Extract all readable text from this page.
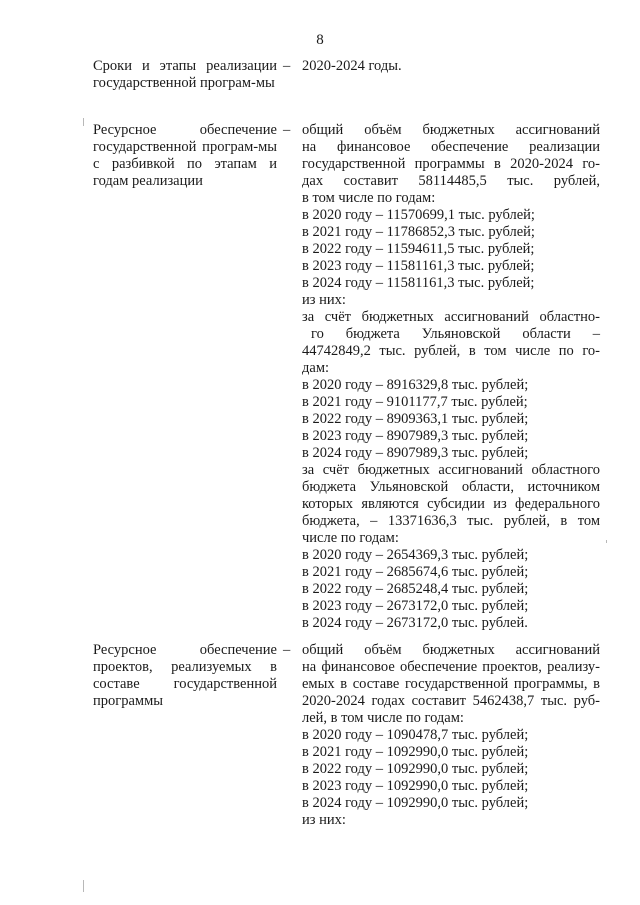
8
Сроки и этапы реализации государственной програм-мы
– 2020-2024 годы.

Ресурсное обеспечение государственной програм-мы с разбивкой по этапам и годам реализации
– общий объём бюджетных ассигнований

на финансовое обеспечение реализации

государственной программы в 2020-2024 го-

дах составит 58114485,5 тыс. рублей,

в том числе по годам:

в 2020 году – 11570699,1 тыс. рублей;

в 2021 году – 11786852,3 тыс. рублей;

в 2022 году – 11594611,5 тыс. рублей;

в 2023 году – 11581161,3 тыс. рублей;

в 2024 году – 11581161,3 тыс. рублей;

из них:

за счёт бюджетных ассигнований областно-

го бюджета Ульяновской области –

44742849,2 тыс. рублей, в том числе по го-

дам:

в 2020 году – 8916329,8 тыс. рублей;

в 2021 году – 9101177,7 тыс. рублей;

в 2022 году – 8909363,1 тыс. рублей;

в 2023 году – 8907989,3 тыс. рублей;

в 2024 году – 8907989,3 тыс. рублей;

за счёт бюджетных ассигнований областного

бюджета Ульяновской области, источником

которых являются субсидии из федерального

бюджета, – 13371636,3 тыс. рублей, в том

числе по годам:

в 2020 году – 2654369,3 тыс. рублей;

в 2021 году – 2685674,6 тыс. рублей;

в 2022 году – 2685248,4 тыс. рублей;

в 2023 году – 2673172,0 тыс. рублей;

в 2024 году – 2673172,0 тыс. рублей.

Ресурсное обеспечение проектов, реализуемых в составе государственной программы
– общий объём бюджетных ассигнований

на финансовое обеспечение проектов, реализу-

емых в составе государственной программы, в

2020-2024 годах составит 5462438,7 тыс. руб-

лей, в том числе по годам:

в 2020 году – 1090478,7 тыс. рублей;

в 2021 году – 1092990,0 тыс. рублей;

в 2022 году – 1092990,0 тыс. рублей;

в 2023 году – 1092990,0 тыс. рублей;

в 2024 году – 1092990,0 тыс. рублей;

из них:
